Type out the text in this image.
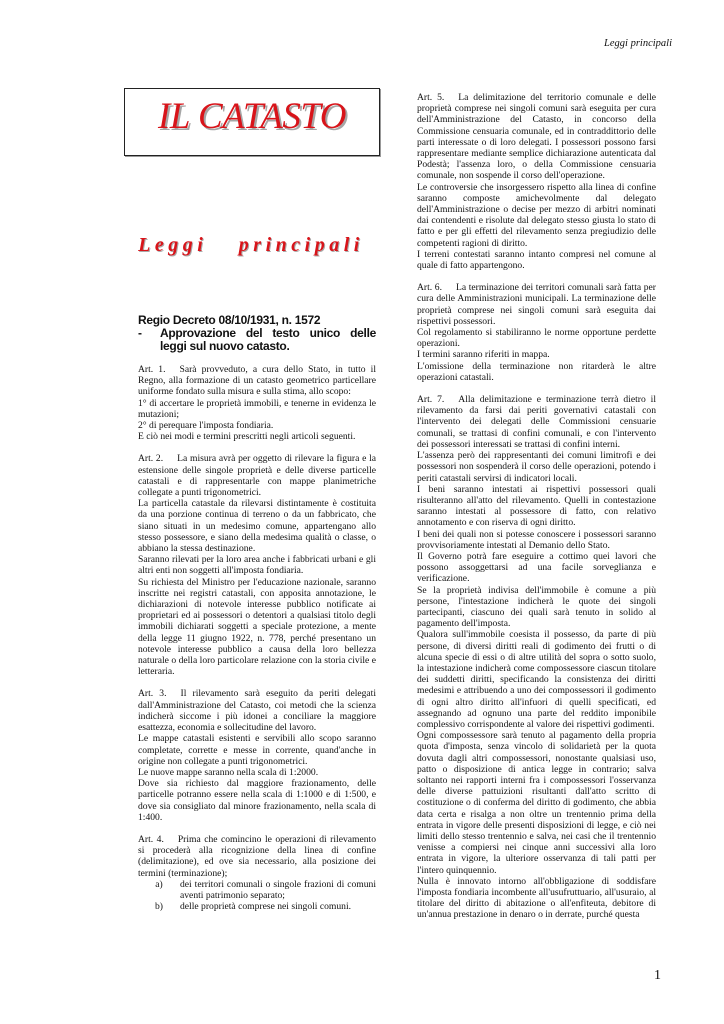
Leggi principali
IL CATASTO
Leggi principali
Regio Decreto 08/10/1931, n. 1572
-	Approvazione del testo unico delle leggi sul nuovo catasto.
Art. 1. Sarà provveduto, a cura dello Stato, in tutto il Regno, alla formazione di un catasto geometrico particellare uniforme fondato sulla misura e sulla stima, allo scopo:
1° di accertare le proprietà immobili, e tenerne in evidenza le mutazioni;
2° di perequare l'imposta fondiaria.
E ciò nei modi e termini prescritti negli articoli seguenti.
Art. 2. La misura avrà per oggetto di rilevare la figura e la estensione delle singole proprietà e delle diverse particelle catastali e di rappresentarle con mappe planimetriche collegate a punti trigonometrici.
La particella catastale da rilevarsi distintamente è costituita da una porzione continua di terreno o da un fabbricato, che siano situati in un medesimo comune, appartengano allo stesso possessore, e siano della medesima qualità o classe, o abbiano la stessa destinazione.
Saranno rilevati per la loro area anche i fabbricati urbani e gli altri enti non soggetti all'imposta fondiaria.
Su richiesta del Ministro per l'educazione nazionale, saranno inscritte nei registri catastali, con apposita annotazione, le dichiarazioni di notevole interesse pubblico notificate ai proprietari ed ai possessori o detentori a qualsiasi titolo degli immobili dichiarati soggetti a speciale protezione, a mente della legge 11 giugno 1922, n. 778, perché presentano un notevole interesse pubblico a causa della loro bellezza naturale o della loro particolare relazione con la storia civile e letteraria.
Art. 3. Il rilevamento sarà eseguito da periti delegati dall'Amministrazione del Catasto, coi metodi che la scienza indicherà siccome i più idonei a conciliare la maggiore esattezza, economia e sollecitudine del lavoro.
Le mappe catastali esistenti e servibili allo scopo saranno completate, corrette e messe in corrente, quand'anche in origine non collegate a punti trigonometrici.
Le nuove mappe saranno nella scala di 1:2000.
Dove sia richiesto dal maggiore frazionamento, delle particelle potranno essere nella scala di 1:1000 e di 1:500, e dove sia consigliato dal minore frazionamento, nella scala di 1:400.
Art. 4. Prima che comincino le operazioni di rilevamento si procederà alla ricognizione della linea di confine (delimitazione), ed ove sia necessario, alla posizione dei termini (terminazione);
a)	dei territori comunali o singole frazioni di comuni aventi patrimonio separato;
b)	delle proprietà comprese nei singoli comuni.
Art. 5. La delimitazione del territorio comunale e delle proprietà comprese nei singoli comuni sarà eseguita per cura dell'Amministrazione del Catasto, in concorso della Commissione censuaria comunale, ed in contraddittorio delle parti interessate o di loro delegati. I possessori possono farsi rappresentare mediante semplice dichiarazione autenticata dal Podestà; l'assenza loro, o della Commissione censuaria comunale, non sospende il corso dell'operazione.
Le controversie che insorgessero rispetto alla linea di confine saranno composte amichevolmente dal delegato dell'Amministrazione o decise per mezzo di arbitri nominati dai contendenti e risolute dal delegato stesso giusta lo stato di fatto e per gli effetti del rilevamento senza pregiudizio delle competenti ragioni di diritto.
I terreni contestati saranno intanto compresi nel comune al quale di fatto appartengono.
Art. 6. La terminazione dei territori comunali sarà fatta per cura delle Amministrazioni municipali. La terminazione delle proprietà comprese nei singoli comuni sarà eseguita dai rispettivi possessori.
Col regolamento si stabiliranno le norme opportune perdette operazioni.
I termini saranno riferiti in mappa.
L'omissione della terminazione non ritarderà le altre operazioni catastali.
Art. 7. Alla delimitazione e terminazione terrà dietro il rilevamento da farsi dai periti governativi catastali con l'intervento dei delegati delle Commissioni censuarie comunali, se trattasi di confini comunali, e con l'intervento dei possessori interessati se trattasi di confini interni.
L'assenza però dei rappresentanti dei comuni limitrofi e dei possessori non sospenderà il corso delle operazioni, potendo i periti catastali servirsi di indicatori locali.
I beni saranno intestati ai rispettivi possessori quali risulteranno all'atto del rilevamento. Quelli in contestazione saranno intestati al possessore di fatto, con relativo annotamento e con riserva di ogni diritto.
I beni dei quali non si potesse conoscere i possessori saranno provvisoriamente intestati al Demanio dello Stato.
Il Governo potrà fare eseguire a cottimo quei lavori che possono assoggettarsi ad una facile sorveglianza e verificazione.
Se la proprietà indivisa dell'immobile è comune a più persone, l'intestazione indicherà le quote dei singoli partecipanti, ciascuno dei quali sarà tenuto in solido al pagamento dell'imposta.
Qualora sull'immobile coesista il possesso, da parte di più persone, di diversi diritti reali di godimento dei frutti o di alcuna specie di essi o di altre utilità del sopra o sotto suolo, la intestazione indicherà come compossessore ciascun titolare dei suddetti diritti, specificando la consistenza dei diritti medesimi e attribuendo a uno dei compossessori il godimento di ogni altro diritto all'infuori di quelli specificati, ed assegnando ad ognuno una parte del reddito imponibile complessivo corrispondente al valore dei rispettivi godimenti.
Ogni compossessore sarà tenuto al pagamento della propria quota d'imposta, senza vincolo di solidarietà per la quota dovuta dagli altri compossessori, nonostante qualsiasi uso, patto o disposizione di antica legge in contrario; salva soltanto nei rapporti interni fra i compossessori l'osservanza delle diverse pattuizioni risultanti dall'atto scritto di costituzione o di conferma del diritto di godimento, che abbia data certa e risalga a non oltre un trentennio prima della entrata in vigore delle presenti disposizioni di legge, e ciò nei limiti dello stesso trentennio e salva, nei casi che il trentennio venisse a compiersi nei cinque anni successivi alla loro entrata in vigore, la ulteriore osservanza di tali patti per l'intero quinquennio.
Nulla è innovato intorno all'obbligazione di soddisfare l'imposta fondiaria incombente all'usufruttuario, all'usuraio, al titolare del diritto di abitazione o all'enfiteuta, debitore di un'annua prestazione in denaro o in derrate, purché questa
1
